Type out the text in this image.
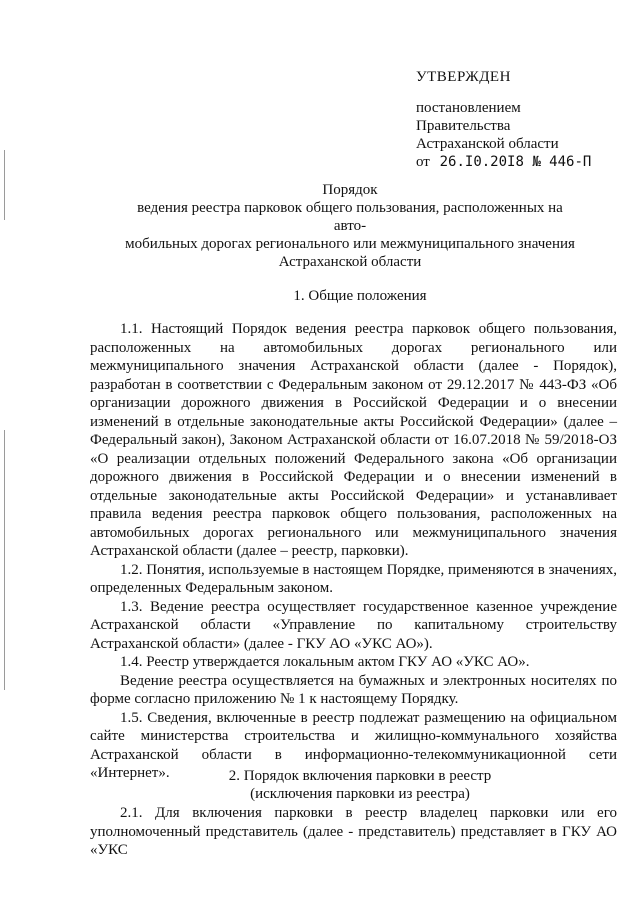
УТВЕРЖДЕН
постановлением
Правительства
Астраханской области
от 26.I0.20I8 № 446-П
Порядок
ведения реестра парковок общего пользования, расположенных на авто-
мобильных дорогах регионального или межмуниципального значения
Астраханской области
1. Общие положения

1.1. Настоящий Порядок ведения реестра парковок общего пользования, расположенных на автомобильных дорогах регионального или межмуниципального значения Астраханской области (далее - Порядок), разработан в соответствии с Федеральным законом от 29.12.2017 № 443-ФЗ «Об организации дорожного движения в Российской Федерации и о внесении изменений в отдельные законодательные акты Российской Федерации» (далее – Федеральный закон), Законом Астраханской области от 16.07.2018 № 59/2018-ОЗ «О реализации отдельных положений Федерального закона «Об организации дорожного движения в Российской Федерации и о внесении изменений в отдельные законодательные акты Российской Федерации» и устанавливает правила ведения реестра парковок общего пользования, расположенных на автомобильных дорогах регионального или межмуниципального значения Астраханской области (далее – реестр, парковки).

1.2. Понятия, используемые в настоящем Порядке, применяются в значениях, определенных Федеральным законом.

1.3. Ведение реестра осуществляет государственное казенное учреждение Астраханской области «Управление по капитальному строительству Астраханской области» (далее - ГКУ АО «УКС АО»).

1.4. Реестр утверждается локальным актом ГКУ АО «УКС АО».

Ведение реестра осуществляется на бумажных и электронных носителях по форме согласно приложению № 1 к настоящему Порядку.

1.5. Сведения, включенные в реестр подлежат размещению на официальном сайте министерства строительства и жилищно-коммунального хозяйства Астраханской области в информационно-телекоммуникационной сети «Интернет».	2. Порядок включения парковки в реестр
(исключения парковки из реестра)

2.1. Для включения парковки в реестр владелец парковки или его уполномоченный представитель (далее - представитель) представляет в ГКУ АО «УКС
